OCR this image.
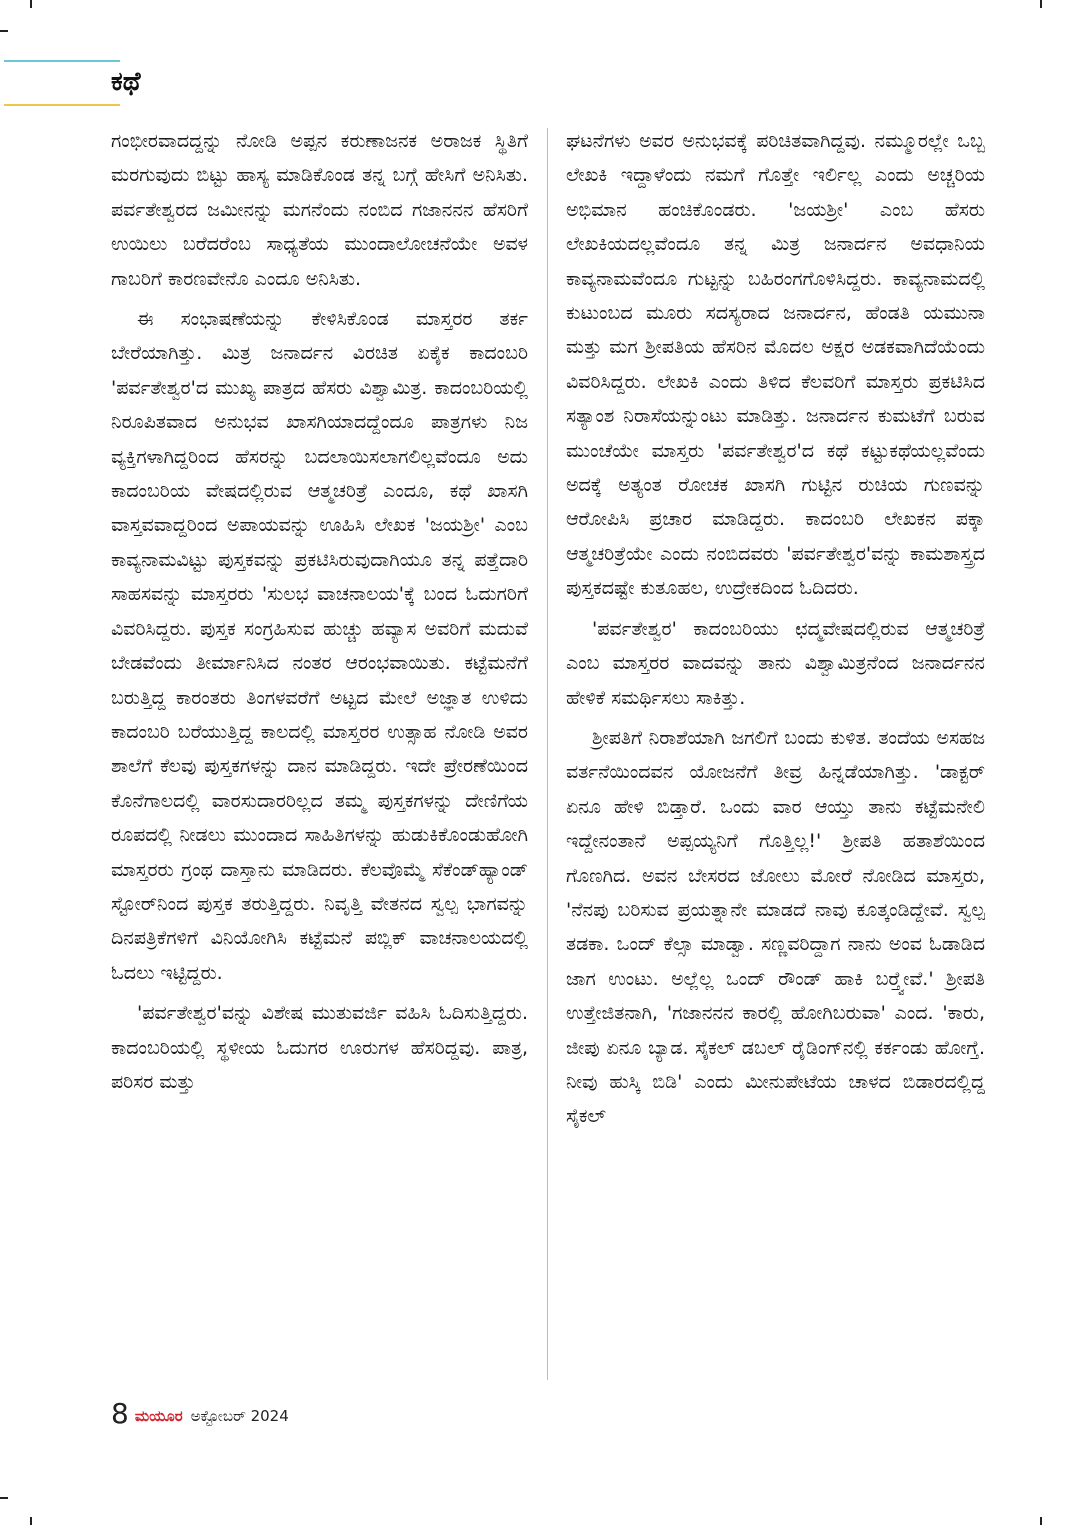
ಕಥೆ

ಗಂಭೀರವಾದದ್ದನ್ನು ನೋಡಿ ಅಪ್ಪನ ಕರುಣಾಜನಕ ಅರಾಜಕ ಸ್ಥಿತಿಗೆ ಮರಗುವುದು ಬಿಟ್ಟು ಹಾಸ್ಯ ಮಾಡಿಕೊಂಡ ತನ್ನ ಬಗ್ಗೆ ಹೇಸಿಗೆ ಅನಿಸಿತು. ಪರ್ವತೇಶ್ವರದ ಜಮೀನನ್ನು ಮಗನೆಂದು ನಂಬಿದ ಗಜಾನನನ ಹೆಸರಿಗೆ ಉಯಿಲು ಬರೆದರೆಂಬ ಸಾಧ್ಯತೆಯ ಮುಂದಾಲೋಚನೆಯೇ ಅವಳ ಗಾಬರಿಗೆ ಕಾರಣವೇನೊ ಎಂದೂ ಅನಿಸಿತು.

ಈ ಸಂಭಾಷಣೆಯನ್ನು ಕೇಳಿಸಿಕೊಂಡ ಮಾಸ್ತರರ ತರ್ಕ ಬೇರೆಯಾಗಿತ್ತು. ಮಿತ್ರ ಜನಾರ್ದನ ವಿರಚಿತ ಏಕೈಕ ಕಾದಂಬರಿ 'ಪರ್ವತೇಶ್ವರ'ದ ಮುಖ್ಯ ಪಾತ್ರದ ಹೆಸರು ವಿಶ್ವಾಮಿತ್ರ. ಕಾದಂಬರಿಯಲ್ಲಿ ನಿರೂಪಿತವಾದ ಅನುಭವ ಖಾಸಗಿಯಾದದ್ದೆಂದೂ ಪಾತ್ರಗಳು ನಿಜ ವ್ಯಕ್ತಿಗಳಾಗಿದ್ದರಿಂದ ಹೆಸರನ್ನು ಬದಲಾಯಿಸಲಾಗಲಿಲ್ಲವೆಂದೂ ಅದು ಕಾದಂಬರಿಯ ವೇಷದಲ್ಲಿರುವ ಆತ್ಮಚರಿತ್ರೆ ಎಂದೂ, ಕಥೆ ಖಾಸಗಿ ವಾಸ್ತವವಾದ್ದರಿಂದ ಅಪಾಯವನ್ನು ಊಹಿಸಿ ಲೇಖಕ 'ಜಯಶ್ರೀ' ಎಂಬ ಕಾವ್ಯನಾಮವಿಟ್ಟು ಪುಸ್ತಕವನ್ನು ಪ್ರಕಟಿಸಿರುವುದಾಗಿಯೂ ತನ್ನ ಪತ್ತೆದಾರಿ ಸಾಹಸವನ್ನು ಮಾಸ್ತರರು 'ಸುಲಭ ವಾಚನಾಲಯ'ಕ್ಕೆ ಬಂದ ಓದುಗರಿಗೆ ವಿವರಿಸಿದ್ದರು. ಪುಸ್ತಕ ಸಂಗ್ರಹಿಸುವ ಹುಚ್ಚು ಹವ್ಯಾಸ ಅವರಿಗೆ ಮದುವೆ ಬೇಡವೆಂದು ತೀರ್ಮಾನಿಸಿದ ನಂತರ ಆರಂಭವಾಯಿತು. ಕಟ್ಟೆಮನೆಗೆ ಬರುತ್ತಿದ್ದ ಕಾರಂತರು ತಿಂಗಳವರೆಗೆ ಅಟ್ಟದ ಮೇಲೆ ಅಜ್ಞಾತ ಉಳಿದು ಕಾದಂಬರಿ ಬರೆಯುತ್ತಿದ್ದ ಕಾಲದಲ್ಲಿ ಮಾಸ್ತರರ ಉತ್ಸಾಹ ನೋಡಿ ಅವರ ಶಾಲೆಗೆ ಕೆಲವು ಪುಸ್ತಕಗಳನ್ನು ದಾನ ಮಾಡಿದ್ದರು. ಇದೇ ಪ್ರೇರಣೆಯಿಂದ ಕೊನೆಗಾಲದಲ್ಲಿ ವಾರಸುದಾರರಿಲ್ಲದ ತಮ್ಮ ಪುಸ್ತಕಗಳನ್ನು ದೇಣಿಗೆಯ ರೂಪದಲ್ಲಿ ನೀಡಲು ಮುಂದಾದ ಸಾಹಿತಿಗಳನ್ನು ಹುಡುಕಿಕೊಂಡುಹೋಗಿ ಮಾಸ್ತರರು ಗ್ರಂಥ ದಾಸ್ತಾನು ಮಾಡಿದರು. ಕೆಲವೊಮ್ಮೆ ಸೆಕೆಂಡ್‌ಹ್ಯಾಂಡ್ ಸ್ಟೋರ್‌ನಿಂದ ಪುಸ್ತಕ ತರುತ್ತಿದ್ದರು. ನಿವೃತ್ತಿ ವೇತನದ ಸ್ವಲ್ಪ ಭಾಗವನ್ನು ದಿನಪತ್ರಿಕೆಗಳಿಗೆ ವಿನಿಯೋಗಿಸಿ ಕಟ್ಟೆಮನೆ ಪಬ್ಲಿಕ್ ವಾಚನಾಲಯದಲ್ಲಿ ಓದಲು ಇಟ್ಟಿದ್ದರು.

'ಪರ್ವತೇಶ್ವರ'ವನ್ನು ವಿಶೇಷ ಮುತುವರ್ಜಿ ವಹಿಸಿ ಓದಿಸುತ್ತಿದ್ದರು. ಕಾದಂಬರಿಯಲ್ಲಿ ಸ್ಥಳೀಯ ಓದುಗರ ಊರುಗಳ ಹೆಸರಿದ್ದವು. ಪಾತ್ರ, ಪರಿಸರ ಮತ್ತು

ಘಟನೆಗಳು ಅವರ ಅನುಭವಕ್ಕೆ ಪರಿಚಿತವಾಗಿದ್ದವು. ನಮ್ಮೂರಲ್ಲೇ ಒಬ್ಬ ಲೇಖಕಿ ಇದ್ದಾಳೆಂದು ನಮಗೆ ಗೊತ್ತೇ ಇರ್ಲಿಲ್ಲ ಎಂದು ಅಚ್ಚರಿಯ ಅಭಿಮಾನ ಹಂಚಿಕೊಂಡರು. 'ಜಯಶ್ರೀ' ಎಂಬ ಹೆಸರು ಲೇಖಕಿಯದಲ್ಲವೆಂದೂ ತನ್ನ ಮಿತ್ರ ಜನಾರ್ದನ ಅವಧಾನಿಯ ಕಾವ್ಯನಾಮವೆಂದೂ ಗುಟ್ಟನ್ನು ಬಹಿರಂಗಗೊಳಿಸಿದ್ದರು. ಕಾವ್ಯನಾಮದಲ್ಲಿ ಕುಟುಂಬದ ಮೂರು ಸದಸ್ಯರಾದ ಜನಾರ್ದನ, ಹೆಂಡತಿ ಯಮುನಾ ಮತ್ತು ಮಗ ಶ್ರೀಪತಿಯ ಹೆಸರಿನ ಮೊದಲ ಅಕ್ಷರ ಅಡಕವಾಗಿದೆಯೆಂದು ವಿವರಿಸಿದ್ದರು. ಲೇಖಕಿ ಎಂದು ತಿಳಿದ ಕೆಲವರಿಗೆ ಮಾಸ್ತರು ಪ್ರಕಟಿಸಿದ ಸತ್ಯಾಂಶ ನಿರಾಸೆಯನ್ನುಂಟು ಮಾಡಿತ್ತು. ಜನಾರ್ದನ ಕುಮಟೆಗೆ ಬರುವ ಮುಂಚೆಯೇ ಮಾಸ್ತರು 'ಪರ್ವತೇಶ್ವರ'ದ ಕಥೆ ಕಟ್ಟುಕಥೆಯಲ್ಲವೆಂದು ಅದಕ್ಕೆ ಅತ್ಯಂತ ರೋಚಕ ಖಾಸಗಿ ಗುಟ್ಟಿನ ರುಚಿಯ ಗುಣವನ್ನು ಆರೋಪಿಸಿ ಪ್ರಚಾರ ಮಾಡಿದ್ದರು. ಕಾದಂಬರಿ ಲೇಖಕನ ಪಕ್ಕಾ ಆತ್ಮಚರಿತ್ರೆಯೇ ಎಂದು ನಂಬಿದವರು 'ಪರ್ವತೇಶ್ವರ'ವನ್ನು ಕಾಮಶಾಸ್ತ್ರದ ಪುಸ್ತಕದಷ್ಟೇ ಕುತೂಹಲ, ಉದ್ರೇಕದಿಂದ ಓದಿದರು.

'ಪರ್ವತೇಶ್ವರ' ಕಾದಂಬರಿಯು ಛದ್ಮವೇಷದಲ್ಲಿರುವ ಆತ್ಮಚರಿತ್ರೆ ಎಂಬ ಮಾಸ್ತರರ ವಾದವನ್ನು ತಾನು ವಿಶ್ವಾಮಿತ್ರನೆಂದ ಜನಾರ್ದನನ ಹೇಳಿಕೆ ಸಮರ್ಥಿಸಲು ಸಾಕಿತ್ತು.

ಶ್ರೀಪತಿಗೆ ನಿರಾಶೆಯಾಗಿ ಜಗಲಿಗೆ ಬಂದು ಕುಳಿತ. ತಂದೆಯ ಅಸಹಜ ವರ್ತನೆಯಿಂದವನ ಯೋಜನೆಗೆ ತೀವ್ರ ಹಿನ್ನಡೆಯಾಗಿತ್ತು. 'ಡಾಕ್ಟರ್ ಏನೂ ಹೇಳಿ ಬಿಡ್ತಾರೆ. ಒಂದು ವಾರ ಆಯ್ತು ತಾನು ಕಟ್ಟೆಮನೇಲಿ ಇದ್ದೇನಂತಾನೆ ಅಪ್ಪಯ್ಯನಿಗೆ ಗೊತ್ತಿಲ್ಲ!' ಶ್ರೀಪತಿ ಹತಾಶೆಯಿಂದ ಗೊಣಗಿದ. ಅವನ ಬೇಸರದ ಜೋಲು ಮೋರೆ ನೋಡಿದ ಮಾಸ್ತರು, 'ನೆನಪು ಬರಿಸುವ ಪ್ರಯತ್ನಾನೇ ಮಾಡದೆ ನಾವು ಕೂತ್ಕಂಡಿದ್ದೇವೆ. ಸ್ವಲ್ಪ ತಡಕಾ. ಒಂದ್ ಕೆಲ್ಸಾ ಮಾಡ್ವಾ. ಸಣ್ಣವರಿದ್ದಾಗ ನಾನು ಅಂವ ಓಡಾಡಿದ ಜಾಗ ಉಂಟು. ಅಲ್ಲೆಲ್ಲ ಒಂದ್ ರೌಂಡ್ ಹಾಕಿ ಬರ್‍ತ್ವೇವೆ.' ಶ್ರೀಪತಿ ಉತ್ತೇಜಿತನಾಗಿ, 'ಗಜಾನನನ ಕಾರಲ್ಲಿ ಹೋಗಿಬರುವಾ' ಎಂದ. 'ಕಾರು, ಜೀಪು ಏನೂ ಬ್ಯಾಡ. ಸೈಕಲ್ ಡಬಲ್ ರೈಡಿಂಗ್‌ನಲ್ಲಿ ಕರ್ಕಂಡು ಹೋಗ್ತೆ. ನೀವು ಹುಸ್ಕಿ ಬಿಡಿ' ಎಂದು ಮೀನುಪೇಟೆಯ ಚಾಳದ ಬಿಡಾರದಲ್ಲಿದ್ದ ಸೈಕಲ್

8 ಮಯೂರ ಅಕ್ಟೋಬರ್ 2024
